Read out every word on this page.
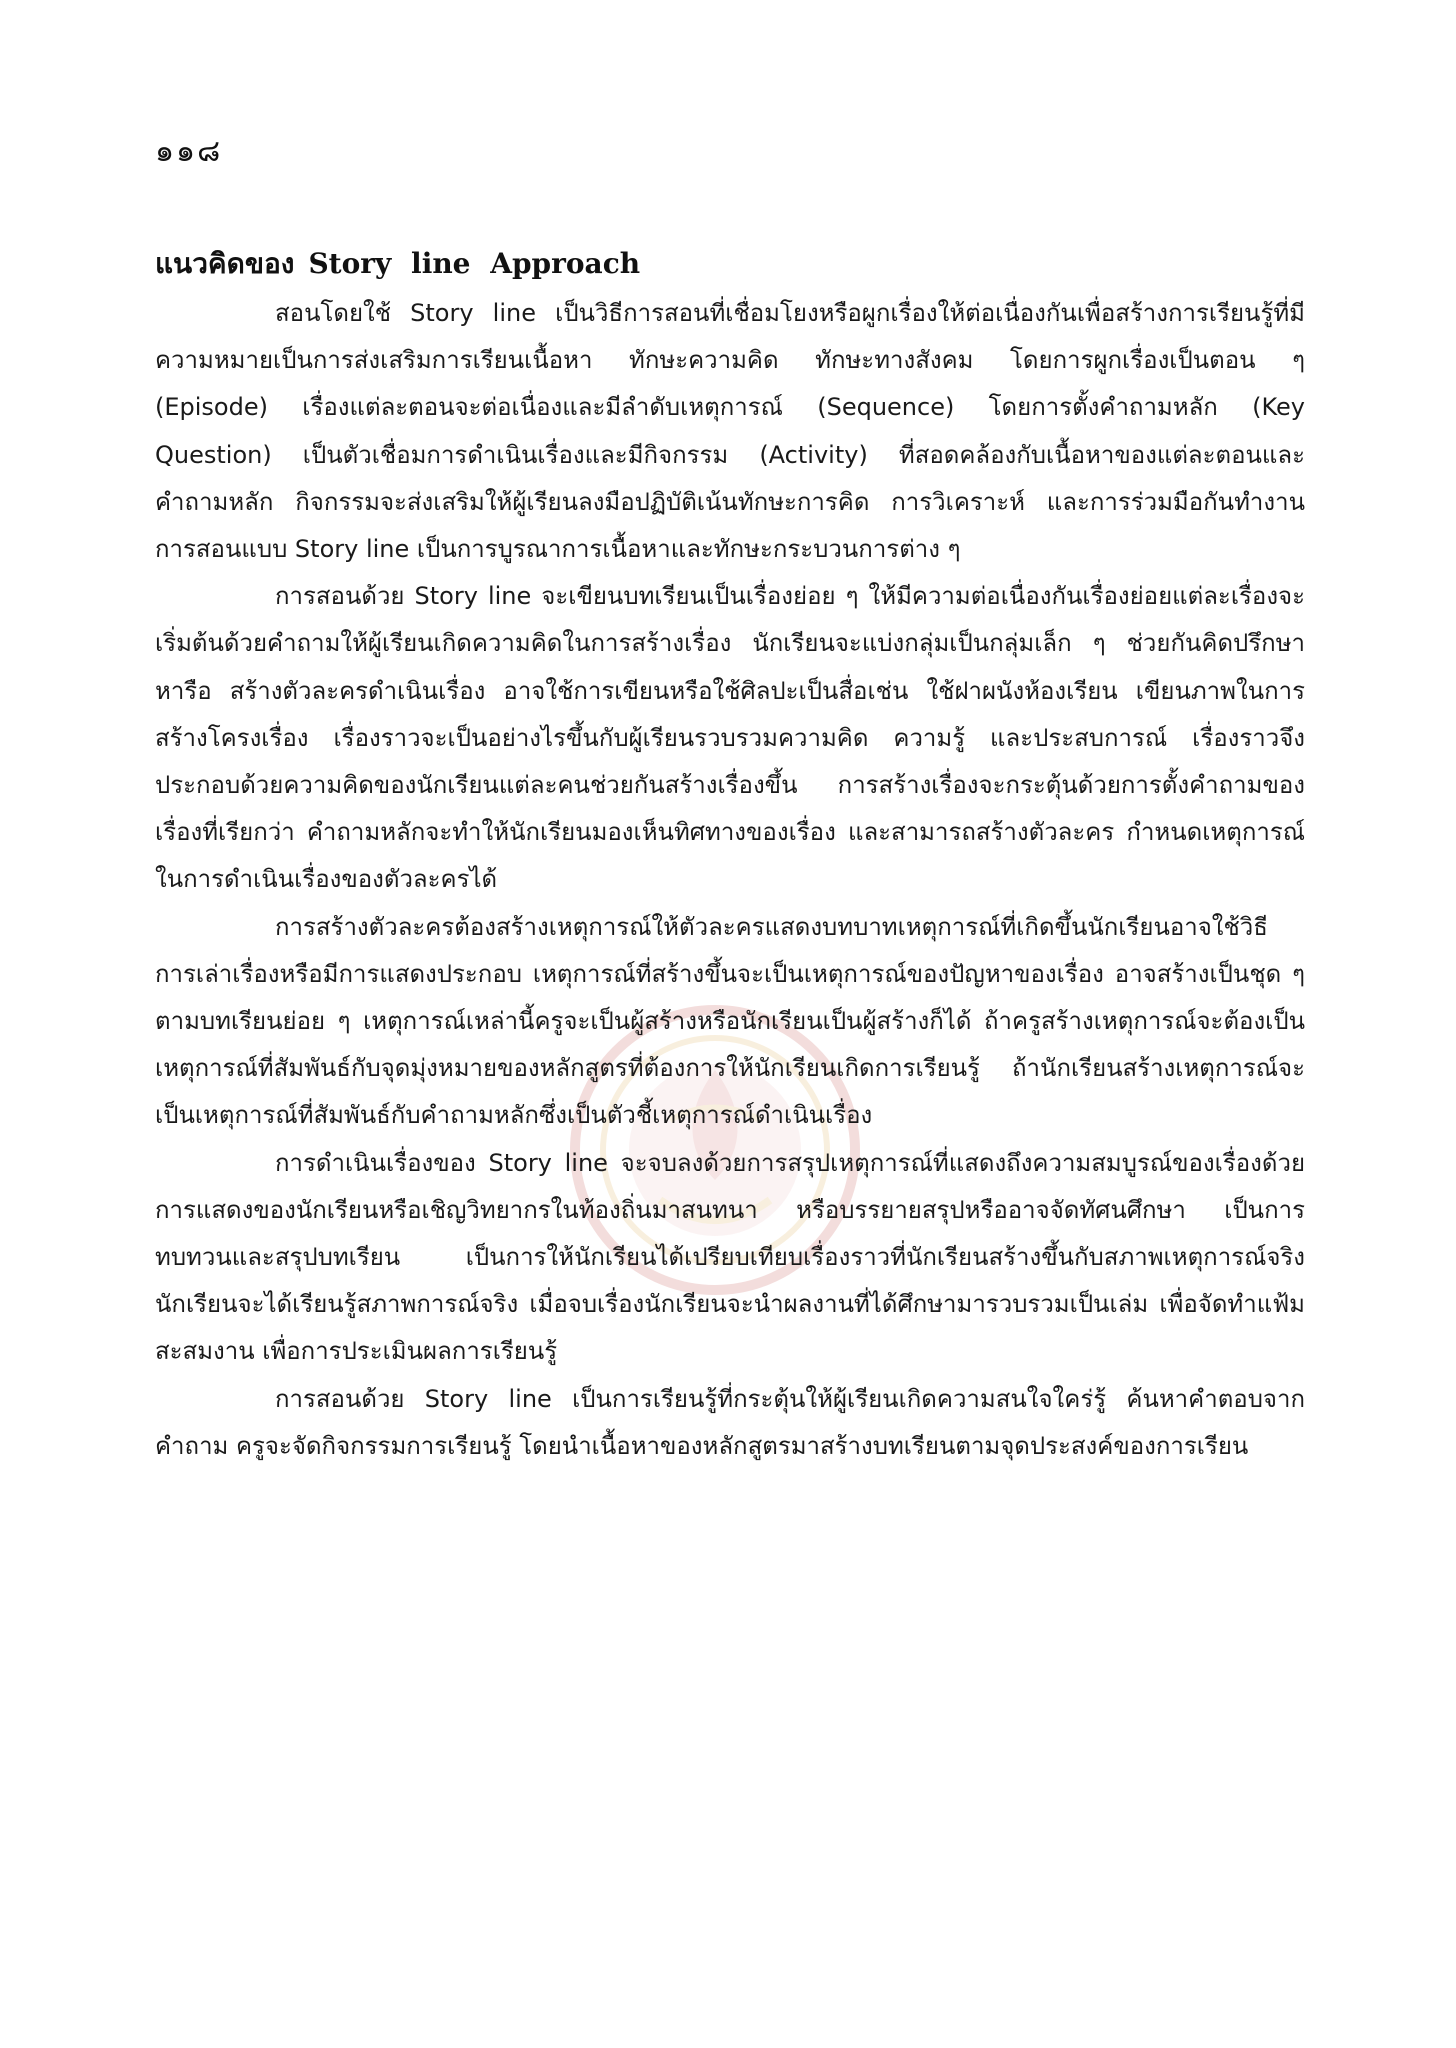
๑๑๘
แนวคิดของ Story line Approach

สอนโดยใช้ Story line เป็นวิธีการสอนที่เชื่อมโยงหรือผูกเรื่องให้ต่อเนื่องกันเพื่อสร้างการเรียนรู้ที่มีความหมายเป็นการส่งเสริมการเรียนเนื้อหา ทักษะความคิด ทักษะทางสังคม โดยการผูกเรื่องเป็นตอน ๆ (Episode) เรื่องแต่ละตอนจะต่อเนื่องและมีลำดับเหตุการณ์ (Sequence) โดยการตั้งคำถามหลัก (Key Question) เป็นตัวเชื่อมการดำเนินเรื่องและมีกิจกรรม (Activity) ที่สอดคล้องกับเนื้อหาของแต่ละตอนและคำถามหลัก กิจกรรมจะส่งเสริมให้ผู้เรียนลงมือปฏิบัติเน้นทักษะการคิด การวิเคราะห์ และการร่วมมือกันทำงาน การสอนแบบ Story line เป็นการบูรณาการเนื้อหาและทักษะกระบวนการต่าง ๆ

การสอนด้วย Story line จะเขียนบทเรียนเป็นเรื่องย่อย ๆ ให้มีความต่อเนื่องกันเรื่องย่อยแต่ละเรื่องจะเริ่มต้นด้วยคำถามให้ผู้เรียนเกิดความคิดในการสร้างเรื่อง นักเรียนจะแบ่งกลุ่มเป็นกลุ่มเล็ก ๆ ช่วยกันคิดปรึกษาหารือ สร้างตัวละครดำเนินเรื่อง อาจใช้การเขียนหรือใช้ศิลปะเป็นสื่อเช่น ใช้ฝาผนังห้องเรียน เขียนภาพในการสร้างโครงเรื่อง เรื่องราวจะเป็นอย่างไรขึ้นกับผู้เรียนรวบรวมความคิด ความรู้ และประสบการณ์ เรื่องราวจึงประกอบด้วยความคิดของนักเรียนแต่ละคนช่วยกันสร้างเรื่องขึ้น การสร้างเรื่องจะกระตุ้นด้วยการตั้งคำถามของเรื่องที่เรียกว่า คำถามหลักจะทำให้นักเรียนมองเห็นทิศทางของเรื่อง และสามารถสร้างตัวละคร กำหนดเหตุการณ์ในการดำเนินเรื่องของตัวละครได้

การสร้างตัวละครต้องสร้างเหตุการณ์ให้ตัวละครแสดงบทบาทเหตุการณ์ที่เกิดขึ้นนักเรียนอาจใช้วิธีการเล่าเรื่องหรือมีการแสดงประกอบ เหตุการณ์ที่สร้างขึ้นจะเป็นเหตุการณ์ของปัญหาของเรื่อง อาจสร้างเป็นชุด ๆ ตามบทเรียนย่อย ๆ เหตุการณ์เหล่านี้ครูจะเป็นผู้สร้างหรือนักเรียนเป็นผู้สร้างก็ได้ ถ้าครูสร้างเหตุการณ์จะต้องเป็นเหตุการณ์ที่สัมพันธ์กับจุดมุ่งหมายของหลักสูตรที่ต้องการให้นักเรียนเกิดการเรียนรู้ ถ้านักเรียนสร้างเหตุการณ์จะเป็นเหตุการณ์ที่สัมพันธ์กับคำถามหลักซึ่งเป็นตัวชี้เหตุการณ์ดำเนินเรื่อง

การดำเนินเรื่องของ Story line จะจบลงด้วยการสรุปเหตุการณ์ที่แสดงถึงความสมบูรณ์ของเรื่องด้วยการแสดงของนักเรียนหรือเชิญวิทยากรในท้องถิ่นมาสนทนา หรือบรรยายสรุปหรืออาจจัดทัศนศึกษา เป็นการทบทวนและสรุปบทเรียน เป็นการให้นักเรียนได้เปรียบเทียบเรื่องราวที่นักเรียนสร้างขึ้นกับสภาพเหตุการณ์จริง นักเรียนจะได้เรียนรู้สภาพการณ์จริง เมื่อจบเรื่องนักเรียนจะนำผลงานที่ได้ศึกษามารวบรวมเป็นเล่ม เพื่อจัดทำแฟ้มสะสมงาน เพื่อการประเมินผลการเรียนรู้

การสอนด้วย Story line เป็นการเรียนรู้ที่กระตุ้นให้ผู้เรียนเกิดความสนใจใคร่รู้ ค้นหาคำตอบจากคำถาม ครูจะจัดกิจกรรมการเรียนรู้ โดยนำเนื้อหาของหลักสูตรมาสร้างบทเรียนตามจุดประสงค์ของการเรียน
